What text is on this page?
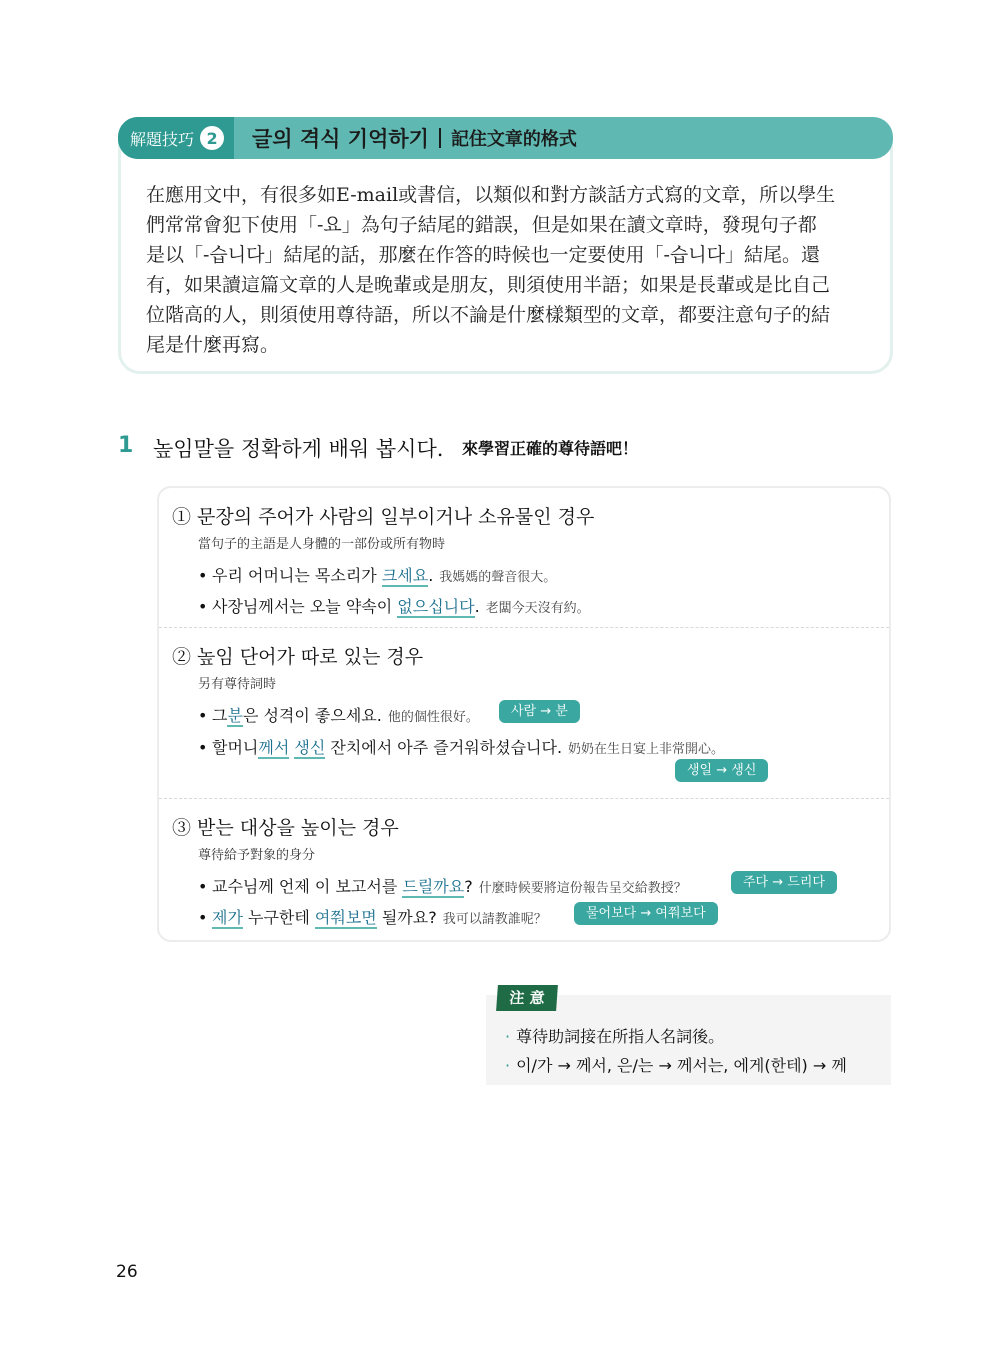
解題技巧 2	글의 격식 기억하기 記住文章的格式
在應用文中，有很多如E-mail或書信，以類似和對方談話方式寫的文章，所以學生
們常常會犯下使用「-요」為句子結尾的錯誤，但是如果在讀文章時，發現句子都
是以「-습니다」結尾的話，那麼在作答的時候也一定要使用「-습니다」結尾。還
有，如果讀這篇文章的人是晚輩或是朋友，則須使用半語；如果是長輩或是比自己
位階高的人，則須使用尊待語，所以不論是什麼樣類型的文章，都要注意句子的結
尾是什麼再寫。
1 높임말을 정확하게 배워 봅시다. 來學習正確的尊待語吧！
① 문장의 주어가 사람의 일부이거나 소유물인 경우
當句子的主語是人身體的一部份或所有物時
• 우리 어머니는 목소리가 크세요. 我媽媽的聲音很大。
• 사장님께서는 오늘 약속이 없으십니다. 老闆今天沒有約。
② 높임 단어가 따로 있는 경우
另有尊待詞時
• 그분은 성격이 좋으세요. 他的個性很好。	사람 → 분
• 할머니께서 생신 잔치에서 아주 즐거워하셨습니다. 奶奶在生日宴上非常開心。
생일 → 생신
③ 받는 대상을 높이는 경우
尊待給予對象的身分
• 교수님께 언제 이 보고서를 드릴까요? 什麼時候要將這份報告呈交給教授？	주다 → 드리다
• 제가 누구한테 여쭤보면 될까요? 我可以請教誰呢？	물어보다 → 여쭤보다
注 意
· 尊待助詞接在所指人名詞後。
· 이/가 → 께서, 은/는 → 께서는, 에게(한테) → 께
26
